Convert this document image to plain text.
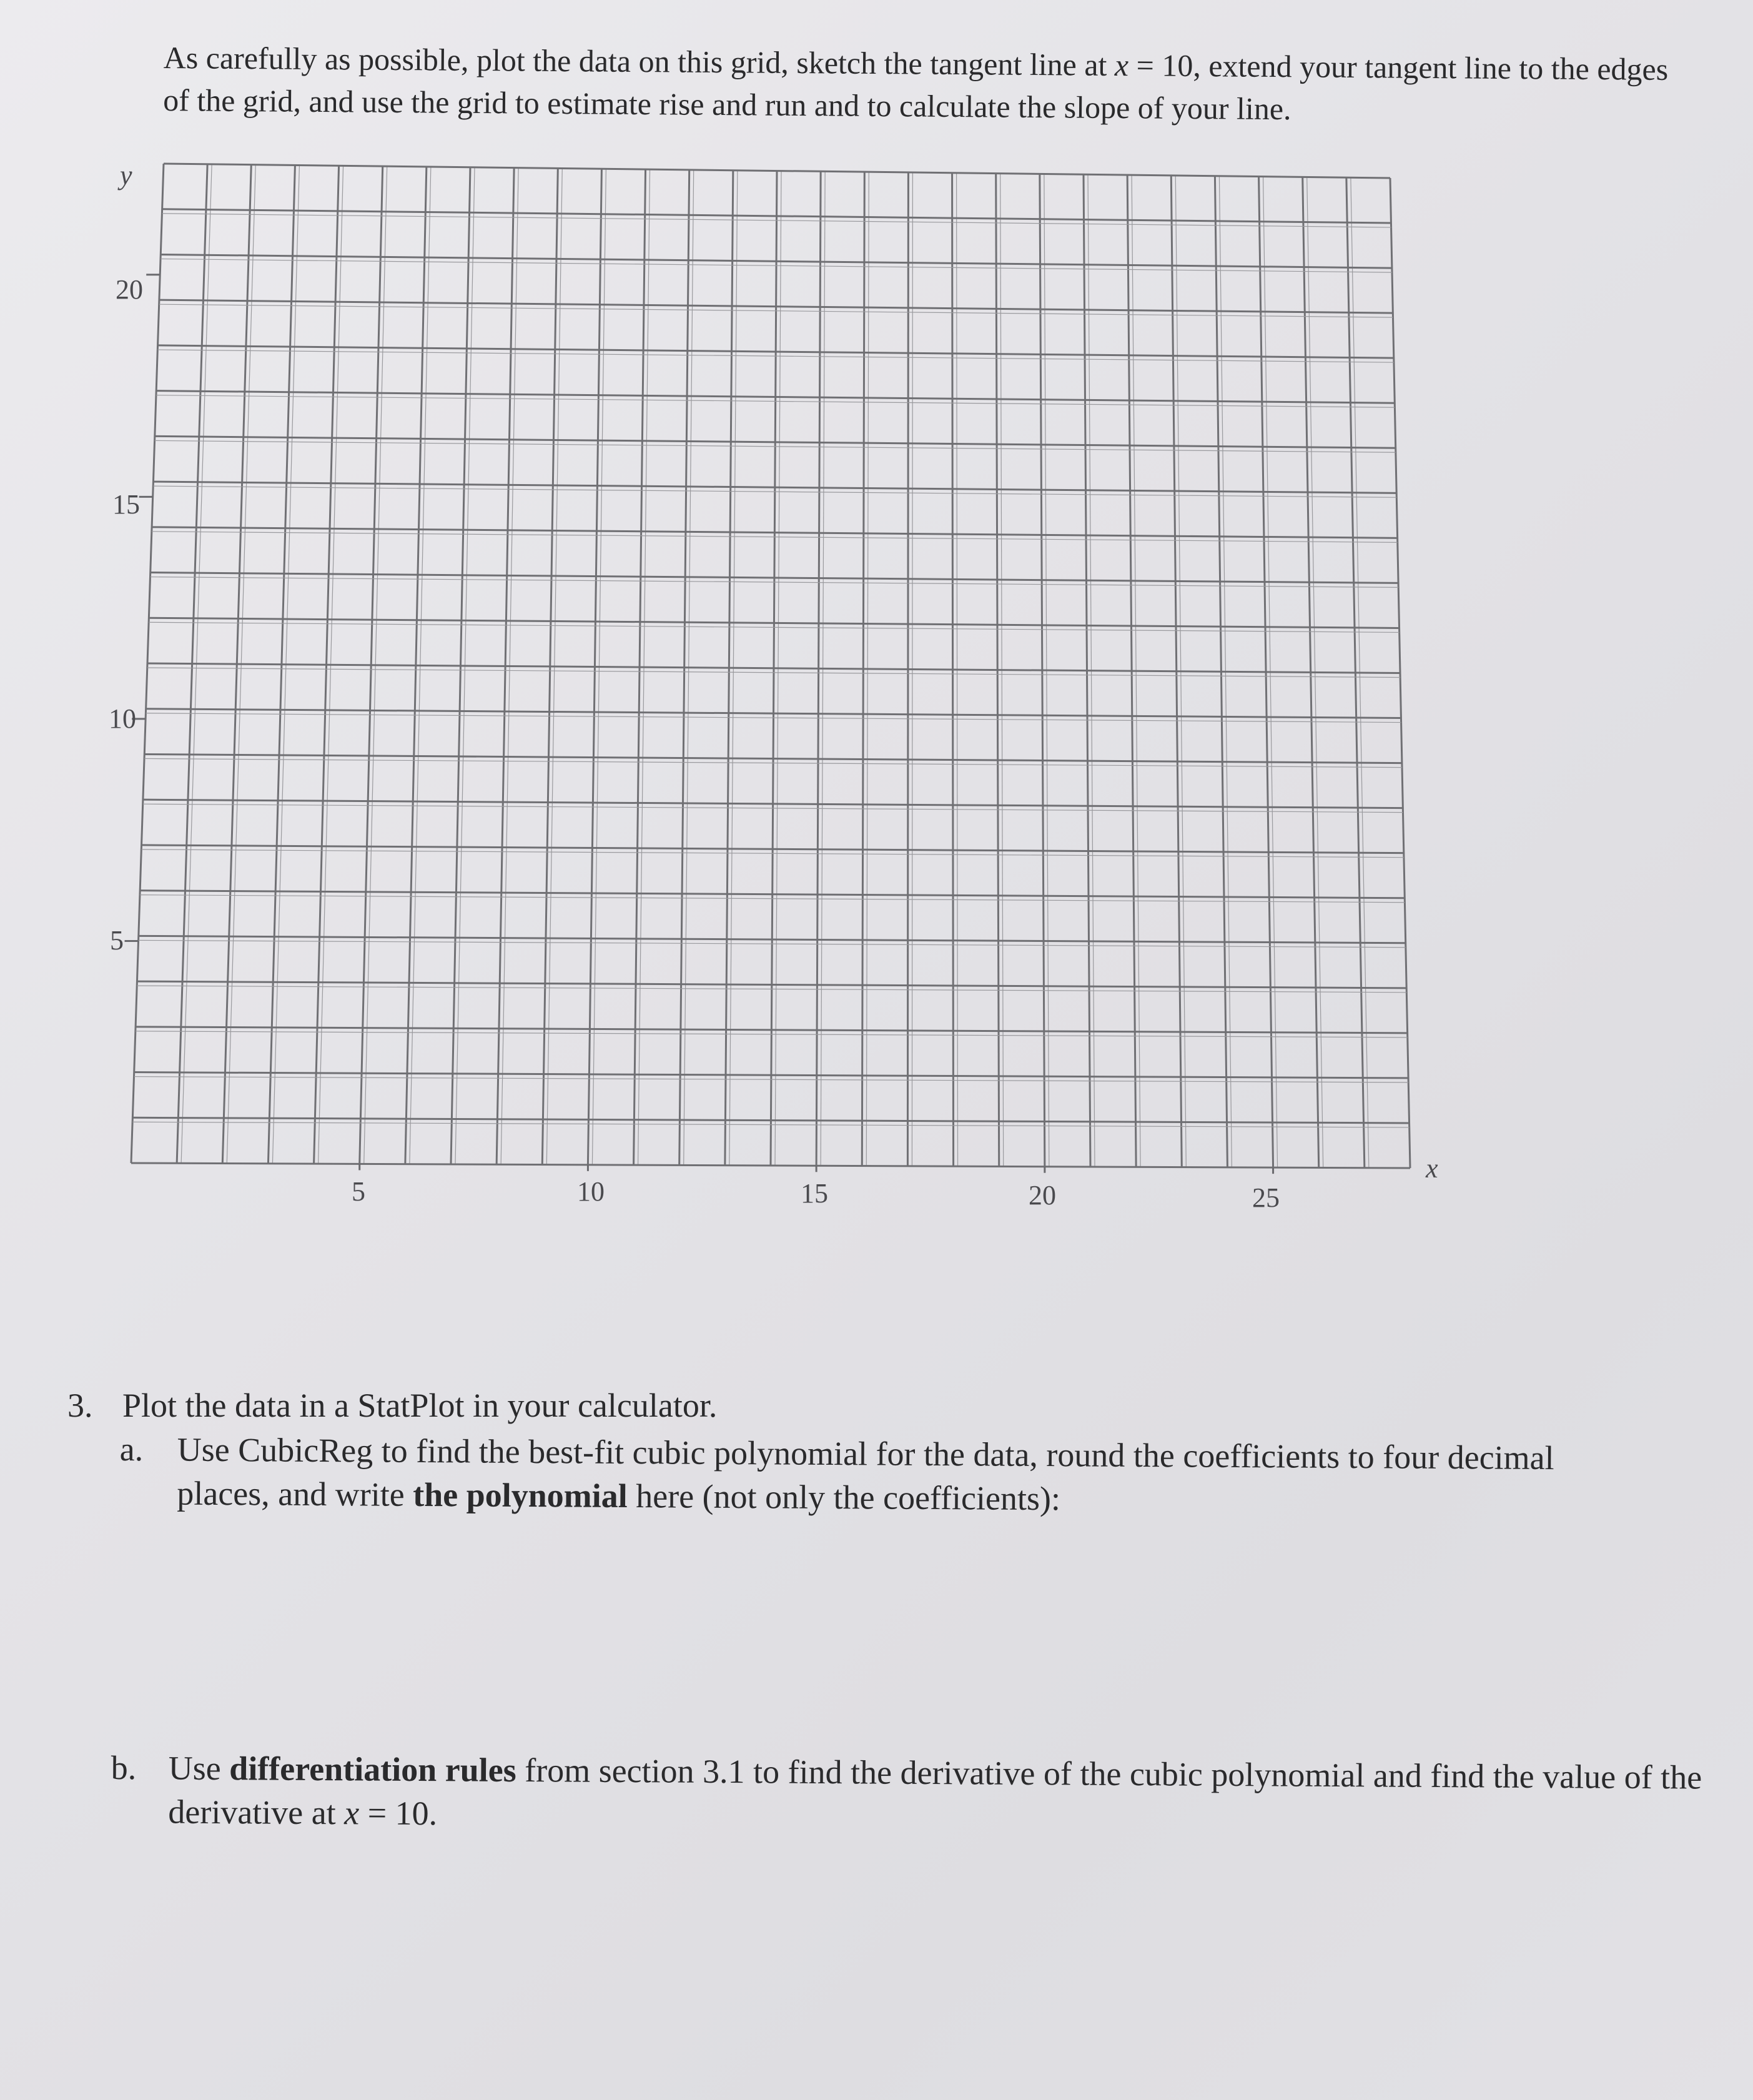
As carefully as possible, plot the data on this grid, sketch the tangent line at x = 10, extend your tangent line to the edges of the grid, and use the grid to estimate rise and run and to calculate the slope of your line.

y
x
20
15
10
5
5	10	15	20	25
3. Plot the data in a StatPlot in your calculator.
a. Use CubicReg to find the best-fit cubic polynomial for the data, round the coefficients to four decimal places, and write the polynomial here (not only the coefficients):
b. Use differentiation rules from section 3.1 to find the derivative of the cubic polynomial and find the value of the derivative at x = 10.
